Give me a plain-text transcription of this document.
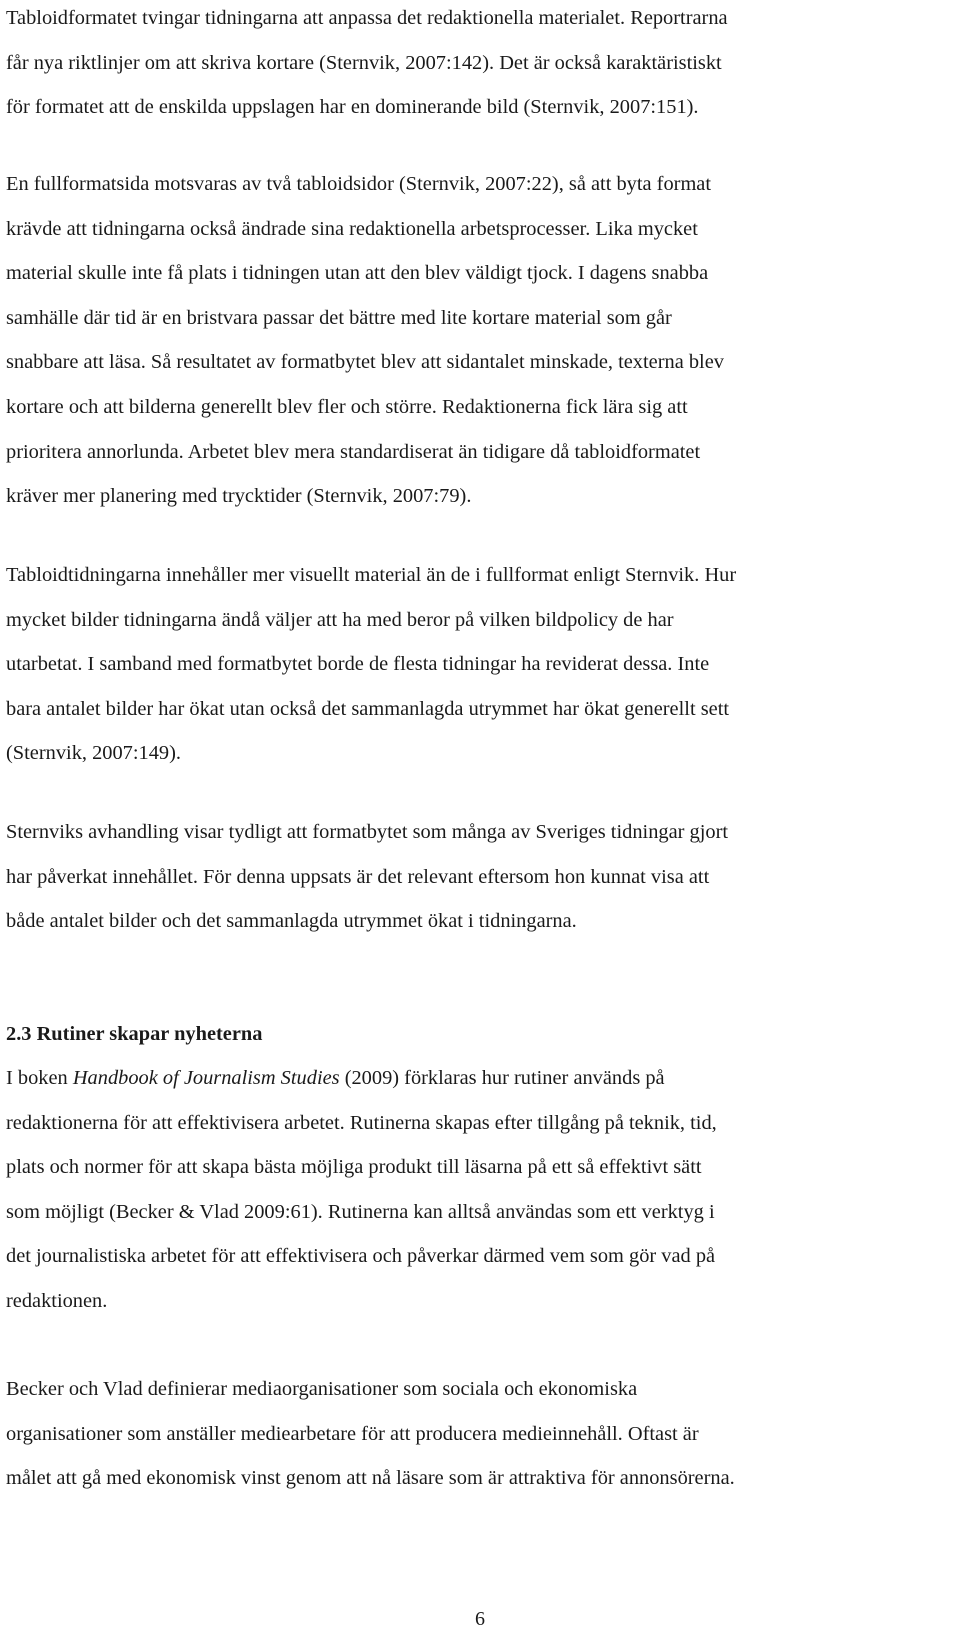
Tabloidformatet tvingar tidningarna att anpassa det redaktionella materialet. Reportrarna
får nya riktlinjer om att skriva kortare (Sternvik, 2007:142). Det är också karaktäristiskt
för formatet att de enskilda uppslagen har en dominerande bild (Sternvik, 2007:151).

En fullformatsida motsvaras av två tabloidsidor (Sternvik, 2007:22), så att byta format
krävde att tidningarna också ändrade sina redaktionella arbetsprocesser. Lika mycket
material skulle inte få plats i tidningen utan att den blev väldigt tjock. I dagens snabba
samhälle där tid är en bristvara passar det bättre med lite kortare material som går
snabbare att läsa. Så resultatet av formatbytet blev att sidantalet minskade, texterna blev
kortare och att bilderna generellt blev fler och större. Redaktionerna fick lära sig att
prioritera annorlunda. Arbetet blev mera standardiserat än tidigare då tabloidformatet
kräver mer planering med trycktider (Sternvik, 2007:79).

Tabloidtidningarna innehåller mer visuellt material än de i fullformat enligt Sternvik. Hur
mycket bilder tidningarna ändå väljer att ha med beror på vilken bildpolicy de har
utarbetat. I samband med formatbytet borde de flesta tidningar ha reviderat dessa. Inte
bara antalet bilder har ökat utan också det sammanlagda utrymmet har ökat generellt sett
(Sternvik, 2007:149).

Sternviks avhandling visar tydligt att formatbytet som många av Sveriges tidningar gjort
har påverkat innehållet. För denna uppsats är det relevant eftersom hon kunnat visa att
både antalet bilder och det sammanlagda utrymmet ökat i tidningarna.

2.3 Rutiner skapar nyheterna

I boken Handbook of Journalism Studies (2009) förklaras hur rutiner används på
redaktionerna för att effektivisera arbetet. Rutinerna skapas efter tillgång på teknik, tid,
plats och normer för att skapa bästa möjliga produkt till läsarna på ett så effektivt sätt
som möjligt (Becker & Vlad 2009:61). Rutinerna kan alltså användas som ett verktyg i
det journalistiska arbetet för att effektivisera och påverkar därmed vem som gör vad på
redaktionen.

Becker och Vlad definierar mediaorganisationer som sociala och ekonomiska
organisationer som anställer mediearbetare för att producera medieinnehåll. Oftast är
målet att gå med ekonomisk vinst genom att nå läsare som är attraktiva för annonsörerna.

6
